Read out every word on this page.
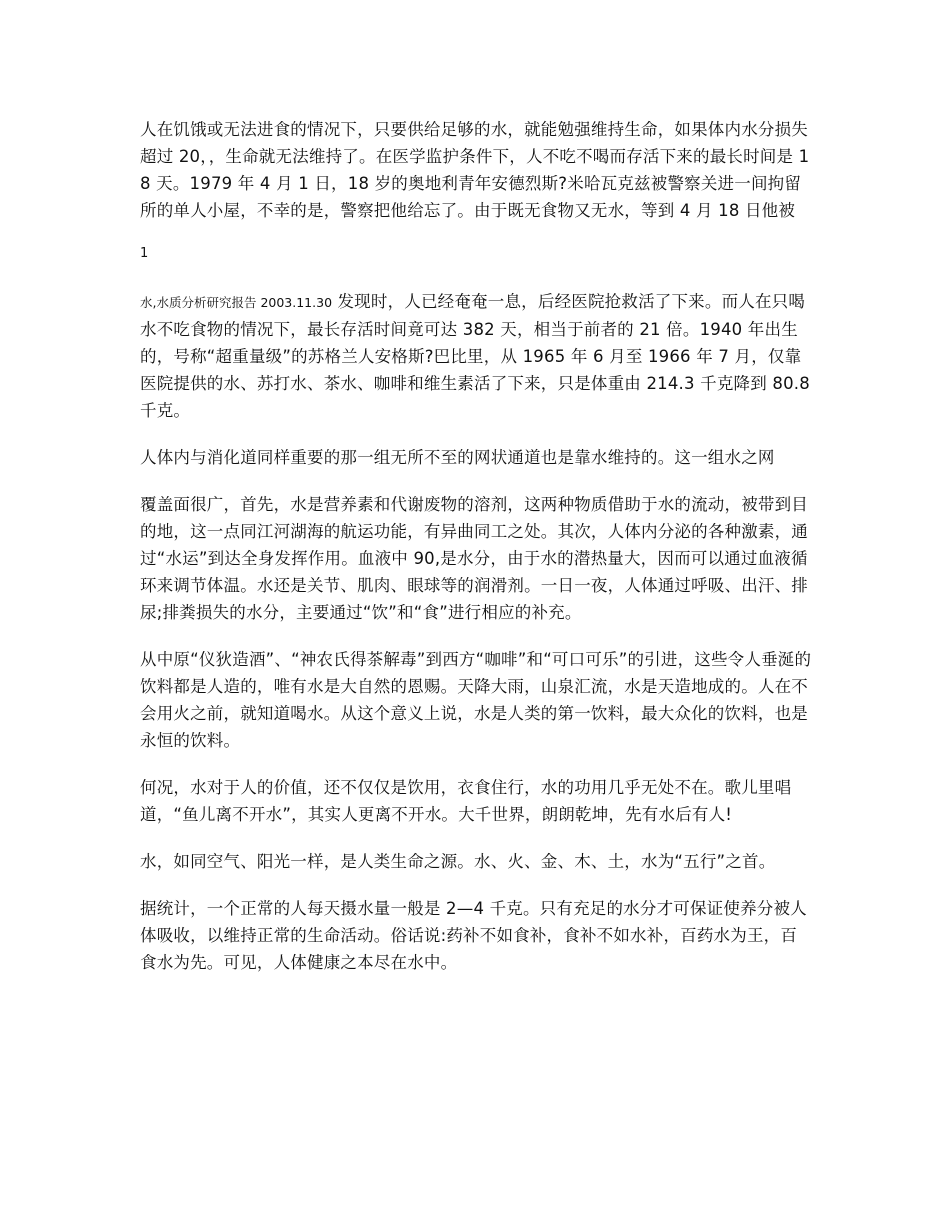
人在饥饿或无法进食的情况下，只要供给足够的水，就能勉强维持生命，如果体内水分损失超过 20，，生命就无法维持了。在医学监护条件下，人不吃不喝而存活下来的最长时间是 18 天。1979 年 4 月 1 日，18 岁的奥地利青年安德烈斯?米哈瓦克兹被警察关进一间拘留所的单人小屋，不幸的是，警察把他给忘了。由于既无食物又无水，等到 4 月 18 日他被

1

水,水质分析研究报告 2003.11.30 发现时，人已经奄奄一息，后经医院抢救活了下来。而人在只喝水不吃食物的情况下，最长存活时间竟可达 382 天，相当于前者的 21 倍。1940 年出生的，号称“超重量级”的苏格兰人安格斯?巴比里，从 1965 年 6 月至 1966 年 7 月，仅靠医院提供的水、苏打水、茶水、咖啡和维生素活了下来，只是体重由 214.3 千克降到 80.8 千克。

人体内与消化道同样重要的那一组无所不至的网状通道也是靠水维持的。这一组水之网

覆盖面很广，首先，水是营养素和代谢废物的溶剂，这两种物质借助于水的流动，被带到目的地，这一点同江河湖海的航运功能，有异曲同工之处。其次，人体内分泌的各种激素，通过“水运”到达全身发挥作用。血液中 90,是水分，由于水的潜热量大，因而可以通过血液循环来调节体温。水还是关节、肌肉、眼球等的润滑剂。一日一夜，人体通过呼吸、出汗、排尿;排粪损失的水分，主要通过“饮”和“食”进行相应的补充。

从中原“仪狄造酒”、“神农氏得茶解毒”到西方“咖啡”和“可口可乐”的引进，这些令人垂涎的饮料都是人造的，唯有水是大自然的恩赐。天降大雨，山泉汇流，水是天造地成的。人在不会用火之前，就知道喝水。从这个意义上说，水是人类的第一饮料，最大众化的饮料，也是永恒的饮料。

何况，水对于人的价值，还不仅仅是饮用，衣食住行，水的功用几乎无处不在。歌儿里唱道，“鱼儿离不开水”，其实人更离不开水。大千世界，朗朗乾坤，先有水后有人!

水，如同空气、阳光一样，是人类生命之源。水、火、金、木、土，水为“五行”之首。

据统计，一个正常的人每天摄水量一般是 2—4 千克。只有充足的水分才可保证使养分被人体吸收，以维持正常的生命活动。俗话说:药补不如食补，食补不如水补，百药水为王，百食水为先。可见，人体健康之本尽在水中。
